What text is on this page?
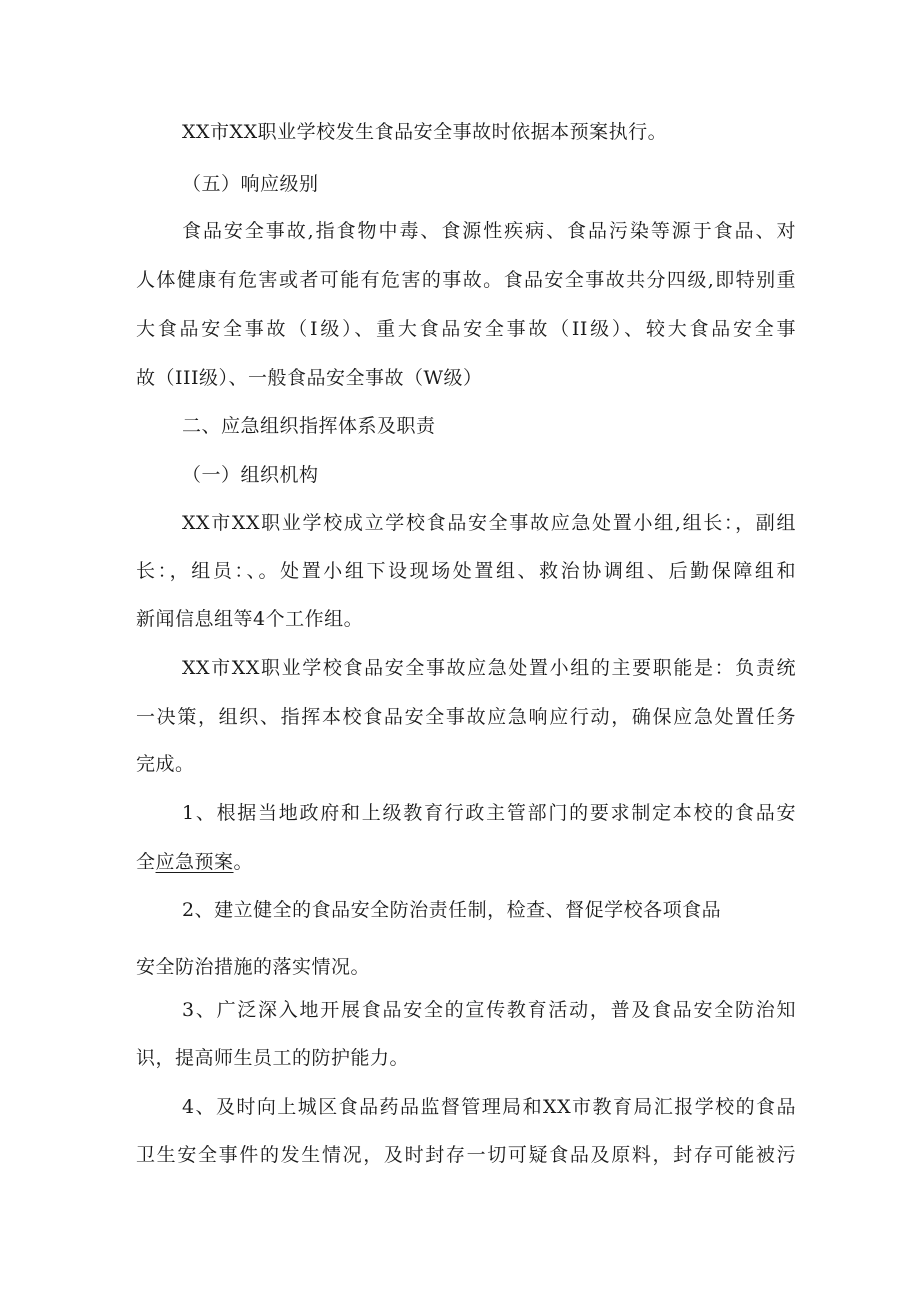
XX市XX职业学校发生食品安全事故时依据本预案执行。
（五）响应级别
食品安全事故,指食物中毒、食源性疾病、食品污染等源于食品、对
人体健康有危害或者可能有危害的事故。食品安全事故共分四级,即特别重
大食品安全事故（I级）、重大食品安全事故（II级）、较大食品安全事
故（III级）、一般食品安全事故（W级）
二、应急组织指挥体系及职责
（一）组织机构
XX市XX职业学校成立学校食品安全事故应急处置小组,组长：，副组
长：，组员：、。处置小组下设现场处置组、救治协调组、后勤保障组和
新闻信息组等4个工作组。
XX市XX职业学校食品安全事故应急处置小组的主要职能是：负责统
一决策，组织、指挥本校食品安全事故应急响应行动，确保应急处置任务
完成。
1、根据当地政府和上级教育行政主管部门的要求制定本校的食品安
全应急预案。
2、建立健全的食品安全防治责任制，检查、督促学校各项食品
安全防治措施的落实情况。
3、广泛深入地开展食品安全的宣传教育活动，普及食品安全防治知
识，提高师生员工的防护能力。
4、及时向上城区食品药品监督管理局和XX市教育局汇报学校的食品
卫生安全事件的发生情况，及时封存一切可疑食品及原料，封存可能被污
